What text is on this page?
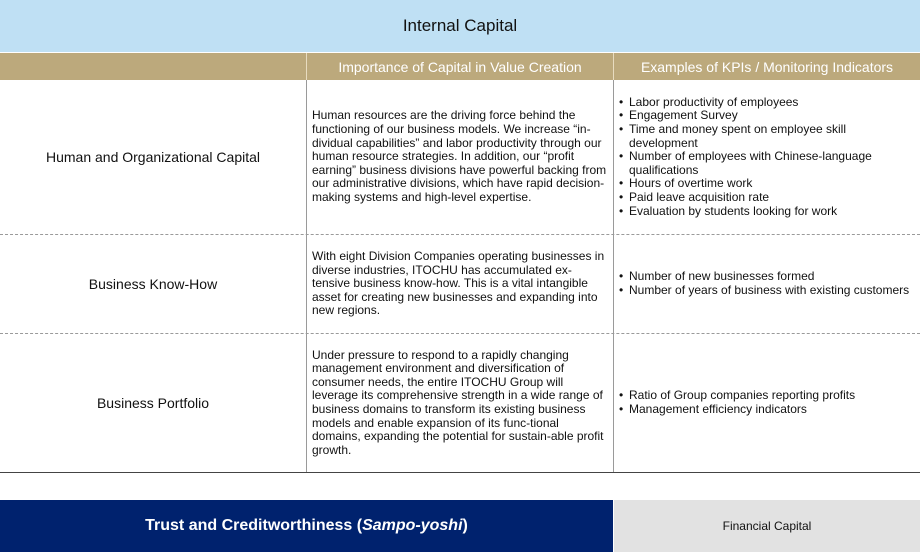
Internal Capital
Importance of Capital in Value Creation	Examples of KPIs / Monitoring Indicators
Human and Organizational Capital
Human resources are the driving force behind the functioning of our business models. We increase “in-dividual capabilities” and labor productivity through our human resource strategies. In addition, our “profit earning” business divisions have powerful backing from our administrative divisions, which have rapid decision-making systems and high-level expertise.
• Labor productivity of employees
• Engagement Survey
• Time and money spent on employee skill development
• Number of employees with Chinese-language qualifications
• Hours of overtime work
• Paid leave acquisition rate
• Evaluation by students looking for work
Business Know-How
With eight Division Companies operating businesses in diverse industries, ITOCHU has accumulated ex-tensive business know-how. This is a vital intangible asset for creating new businesses and expanding into new regions.
• Number of new businesses formed
• Number of years of business with existing customers
Business Portfolio
Under pressure to respond to a rapidly changing management environment and diversification of consumer needs, the entire ITOCHU Group will leverage its comprehensive strength in a wide range of business domains to transform its existing business models and enable expansion of its func-tional domains, expanding the potential for sustain-able profit growth.
• Ratio of Group companies reporting profits
• Management efficiency indicators
Trust and Creditworthiness (Sampo-yoshi)	Financial Capital
